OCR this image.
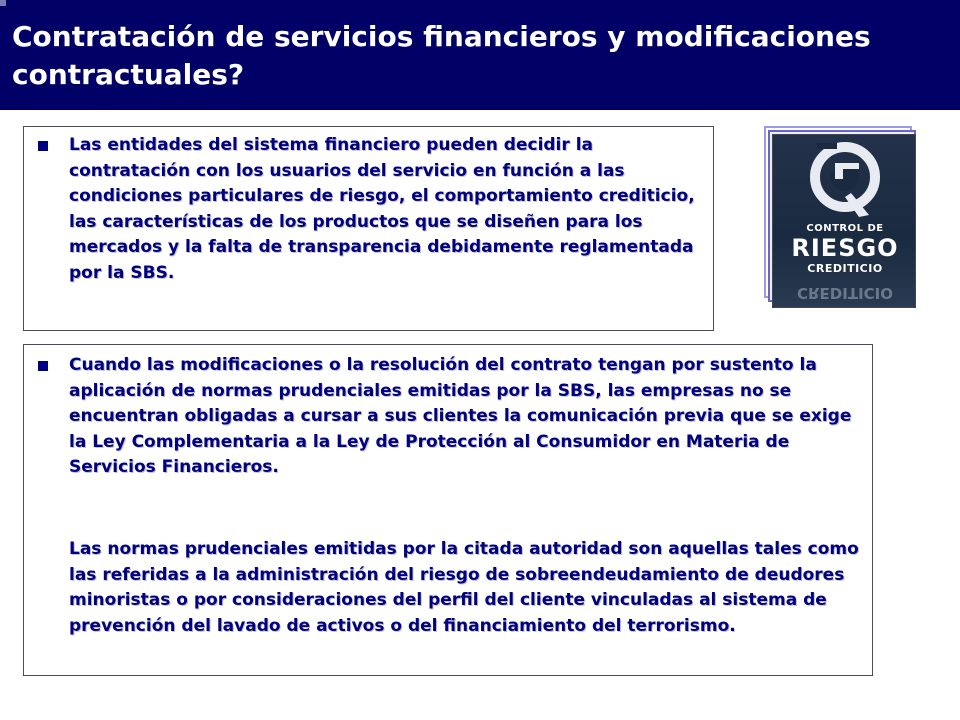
Contratación de servicios financieros y modificaciones contractuales?
Las entidades del sistema financiero pueden decidir la contratación con los usuarios del servicio en función a las condiciones particulares de riesgo, el comportamiento crediticio, las características de los productos que se diseñen para los mercados y la falta de transparencia debidamente reglamentada por la SBS.
CONTROL DE
RIESGO
CREDITICIO
CREDITICIO
Cuando las modificaciones o la resolución del contrato tengan por sustento la aplicación de normas prudenciales emitidas por la SBS, las empresas no se encuentran obligadas a cursar a sus clientes la comunicación previa que se exige la Ley Complementaria a la Ley de Protección al Consumidor en Materia de Servicios Financieros.
Las normas prudenciales emitidas por la citada autoridad son aquellas tales como las referidas a la administración del riesgo de sobreendeudamiento de deudores minoristas o por consideraciones del perfil del cliente vinculadas al sistema de prevención del lavado de activos o del financiamiento del terrorismo.
